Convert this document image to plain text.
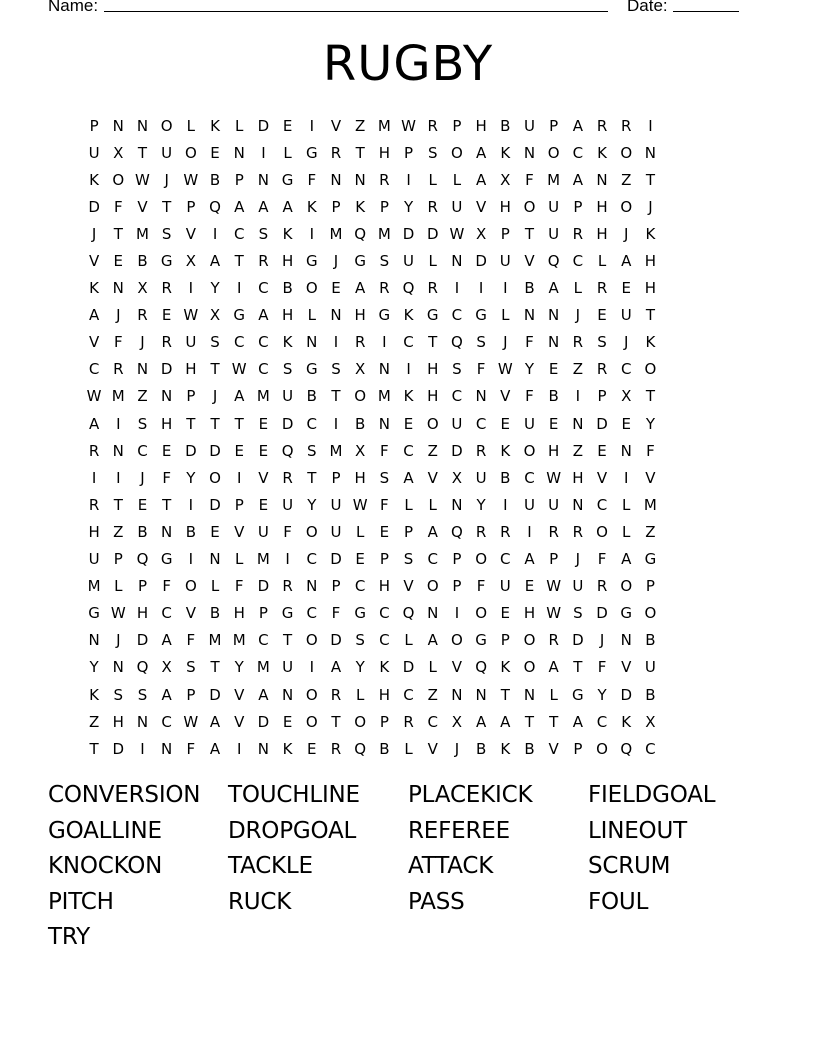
Name:	Date:
RUGBY
P N N O L	K	L D E	I	V Z M W R P H B U P A R R	I
U X T U O E N	I	L G R T H P S O A K N O C K O N
K O W J W B P N G F N N R	I	L	L A X F M A N Z T
D F V T	P Q A A A K P K P	Y R U V H O U P H O	J
J	T M S V	I	C S K	I	M Q M D D W X P	T U R H	J	K
V E B G X A T R H G	J	G S U L N D U V Q C L A H
K N X R	I	Y	I	C B O E A R Q R	I	I	I	B A L R E H
A	J	R E W X G A H L N H G K G C G L N N	J	E U T
V F	J	R U S C C K N	I	R	I	C T Q S	J	F N R S	J	K
C R N D H T W C S G S X N	I	H S	F W Y E Z R C O
W M Z N P	J	A M U B T O M K H C N V F B	I	P X T
A	I	S H T	T	T E D C	I	B N E O U C E U E N D E Y
R N C E D D E E Q S M X F C Z D R K O H Z E N F
I	I	J	F	Y O	I	V R T	P H S A V X U B C W H V	I	V
R T E T	I	D P E U Y U W F	L	L N Y	I	U U N C L M
H Z B N B E V U F O U L	E P A Q R R	I	R R O L Z
U P Q G	I	N L M	I	C D E P S C P O C A P	J	F A G
M L	P	F O L	F D R N P C H V O P	F U E W U R O P
G W H C V B H P G C F G C Q N	I	O E H W S D G O
N	J	D A F M M C T O D S C L A O G P O R D	J	N B
Y N Q X S T	Y M U	I	A Y K D L V Q K O A T	F V U
K S S A P D V A N O R L H C Z N N T N L G Y D B
Z H N C W A V D E O T O P R C X A A T	T A C K X
T D	I	N F A	I	N K E R Q B L V	J	B K B V P O Q C
CONVERSION	TOUCHLINE	PLACEKICK	FIELDGOAL
GOALLINE	DROPGOAL	REFEREE	LINEOUT
KNOCKON	TACKLE	ATTACK	SCRUM
PITCH	RUCK	PASS	FOUL
TRY
